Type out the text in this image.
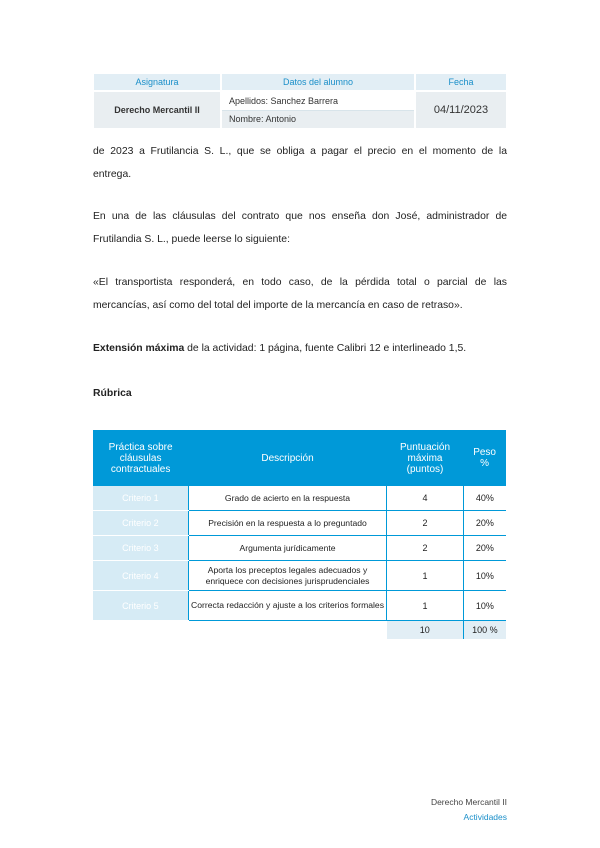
Asignatura	Datos del alumno	Fecha
Derecho Mercantil II	Apellidos: Sanchez Barrera	04/11/2023
	Nombre: Antonio	
de 2023 a Frutilancia S. L., que se obliga a pagar el precio en el momento de la
entrega.
En una de las cláusulas del contrato que nos enseña don José, administrador de
Frutilandia S. L., puede leerse lo siguiente:
«El transportista responderá, en todo caso, de la pérdida total o parcial de las
mercancías, así como del total del importe de la mercancía en caso de retraso».
Extensión máxima de la actividad: 1 página, fuente Calibri 12 e interlineado 1,5.
Rúbrica
Práctica sobre cláusulas contractuales	Descripción	Puntuación máxima (puntos)	Peso %
Criterio 1	Grado de acierto en la respuesta	4	40%
Criterio 2	Precisión en la respuesta a lo preguntado	2	20%
Criterio 3	Argumenta jurídicamente	2	20%
Criterio 4	Aporta los preceptos legales adecuados y enriquece con decisiones jurisprudenciales	1	10%
Criterio 5	Correcta redacción y ajuste a los criterios formales	1	10%
		10	100 %
Derecho Mercantil II
Actividades
